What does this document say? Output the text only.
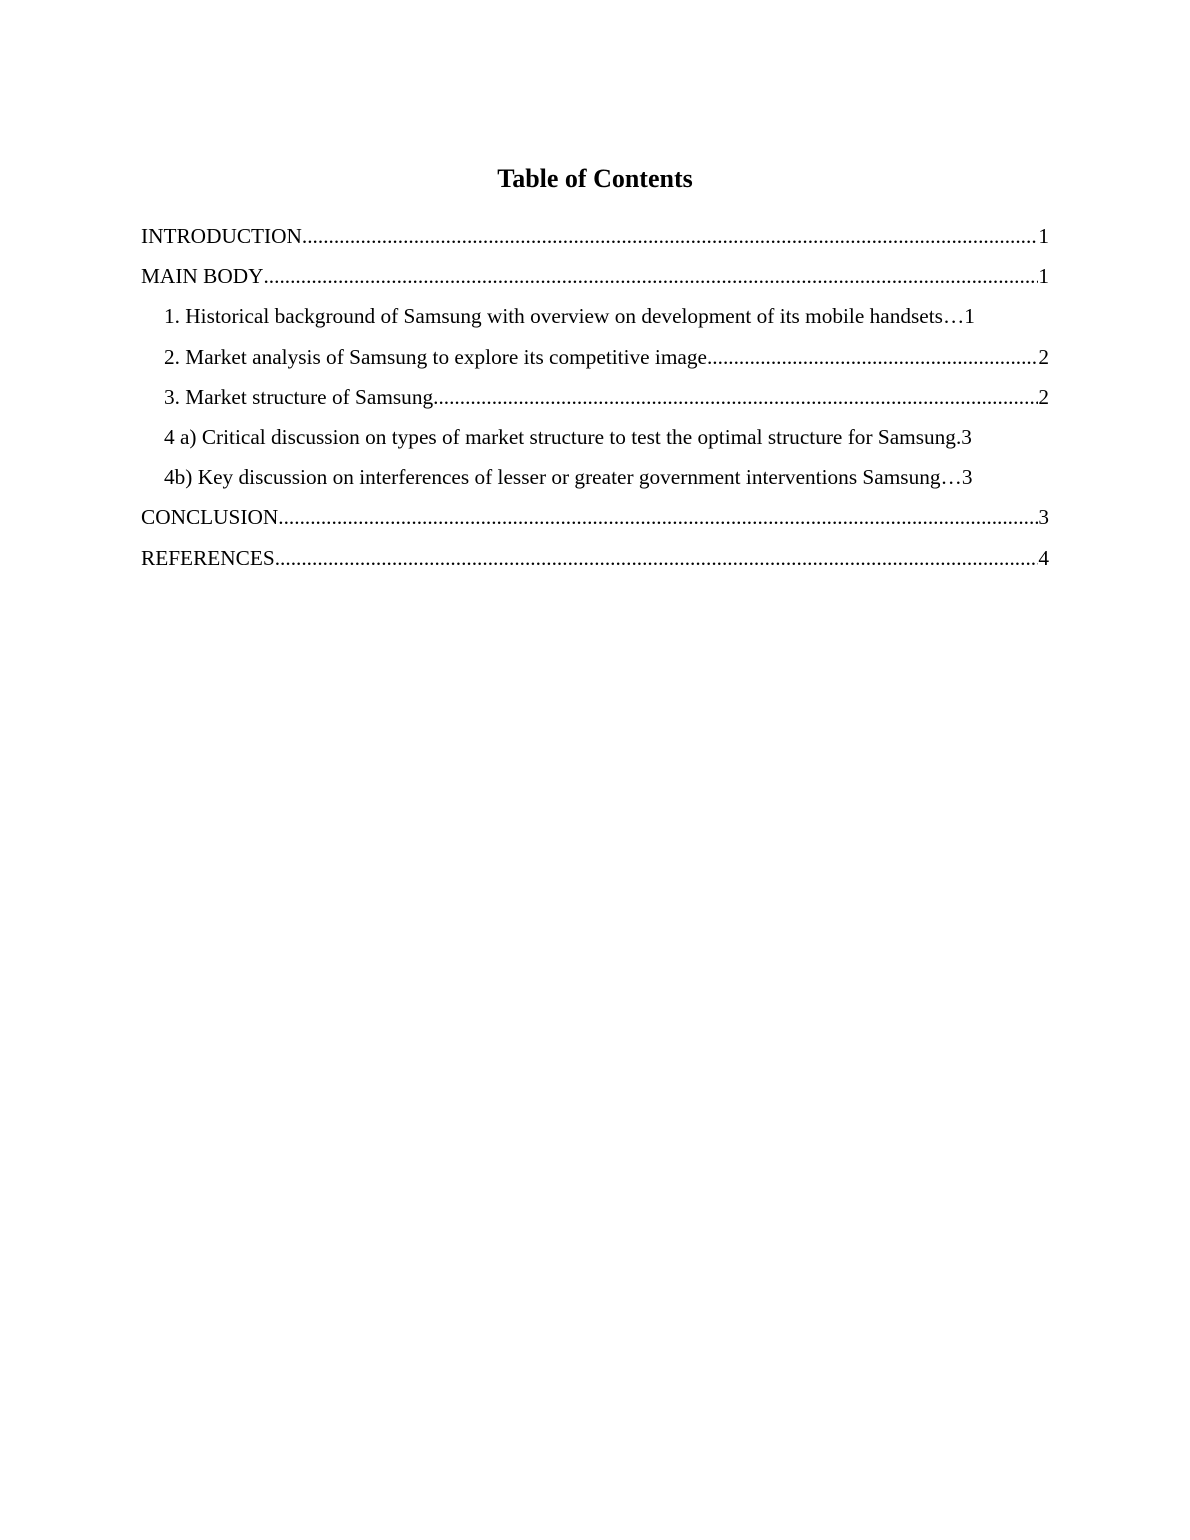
Table of Contents
INTRODUCTION .....	1
MAIN BODY .....	1
1. Historical background of Samsung with overview on development of its mobile handsets … 1
2. Market analysis of Samsung to explore its competitive image .....	2
3. Market structure of Samsung .....	2
4 a) Critical discussion on types of market structure to test the optimal structure for Samsung . 3
4b) Key discussion on interferences of lesser or greater government interventions Samsung … 3
CONCLUSION .....	3
REFERENCES .....	4
